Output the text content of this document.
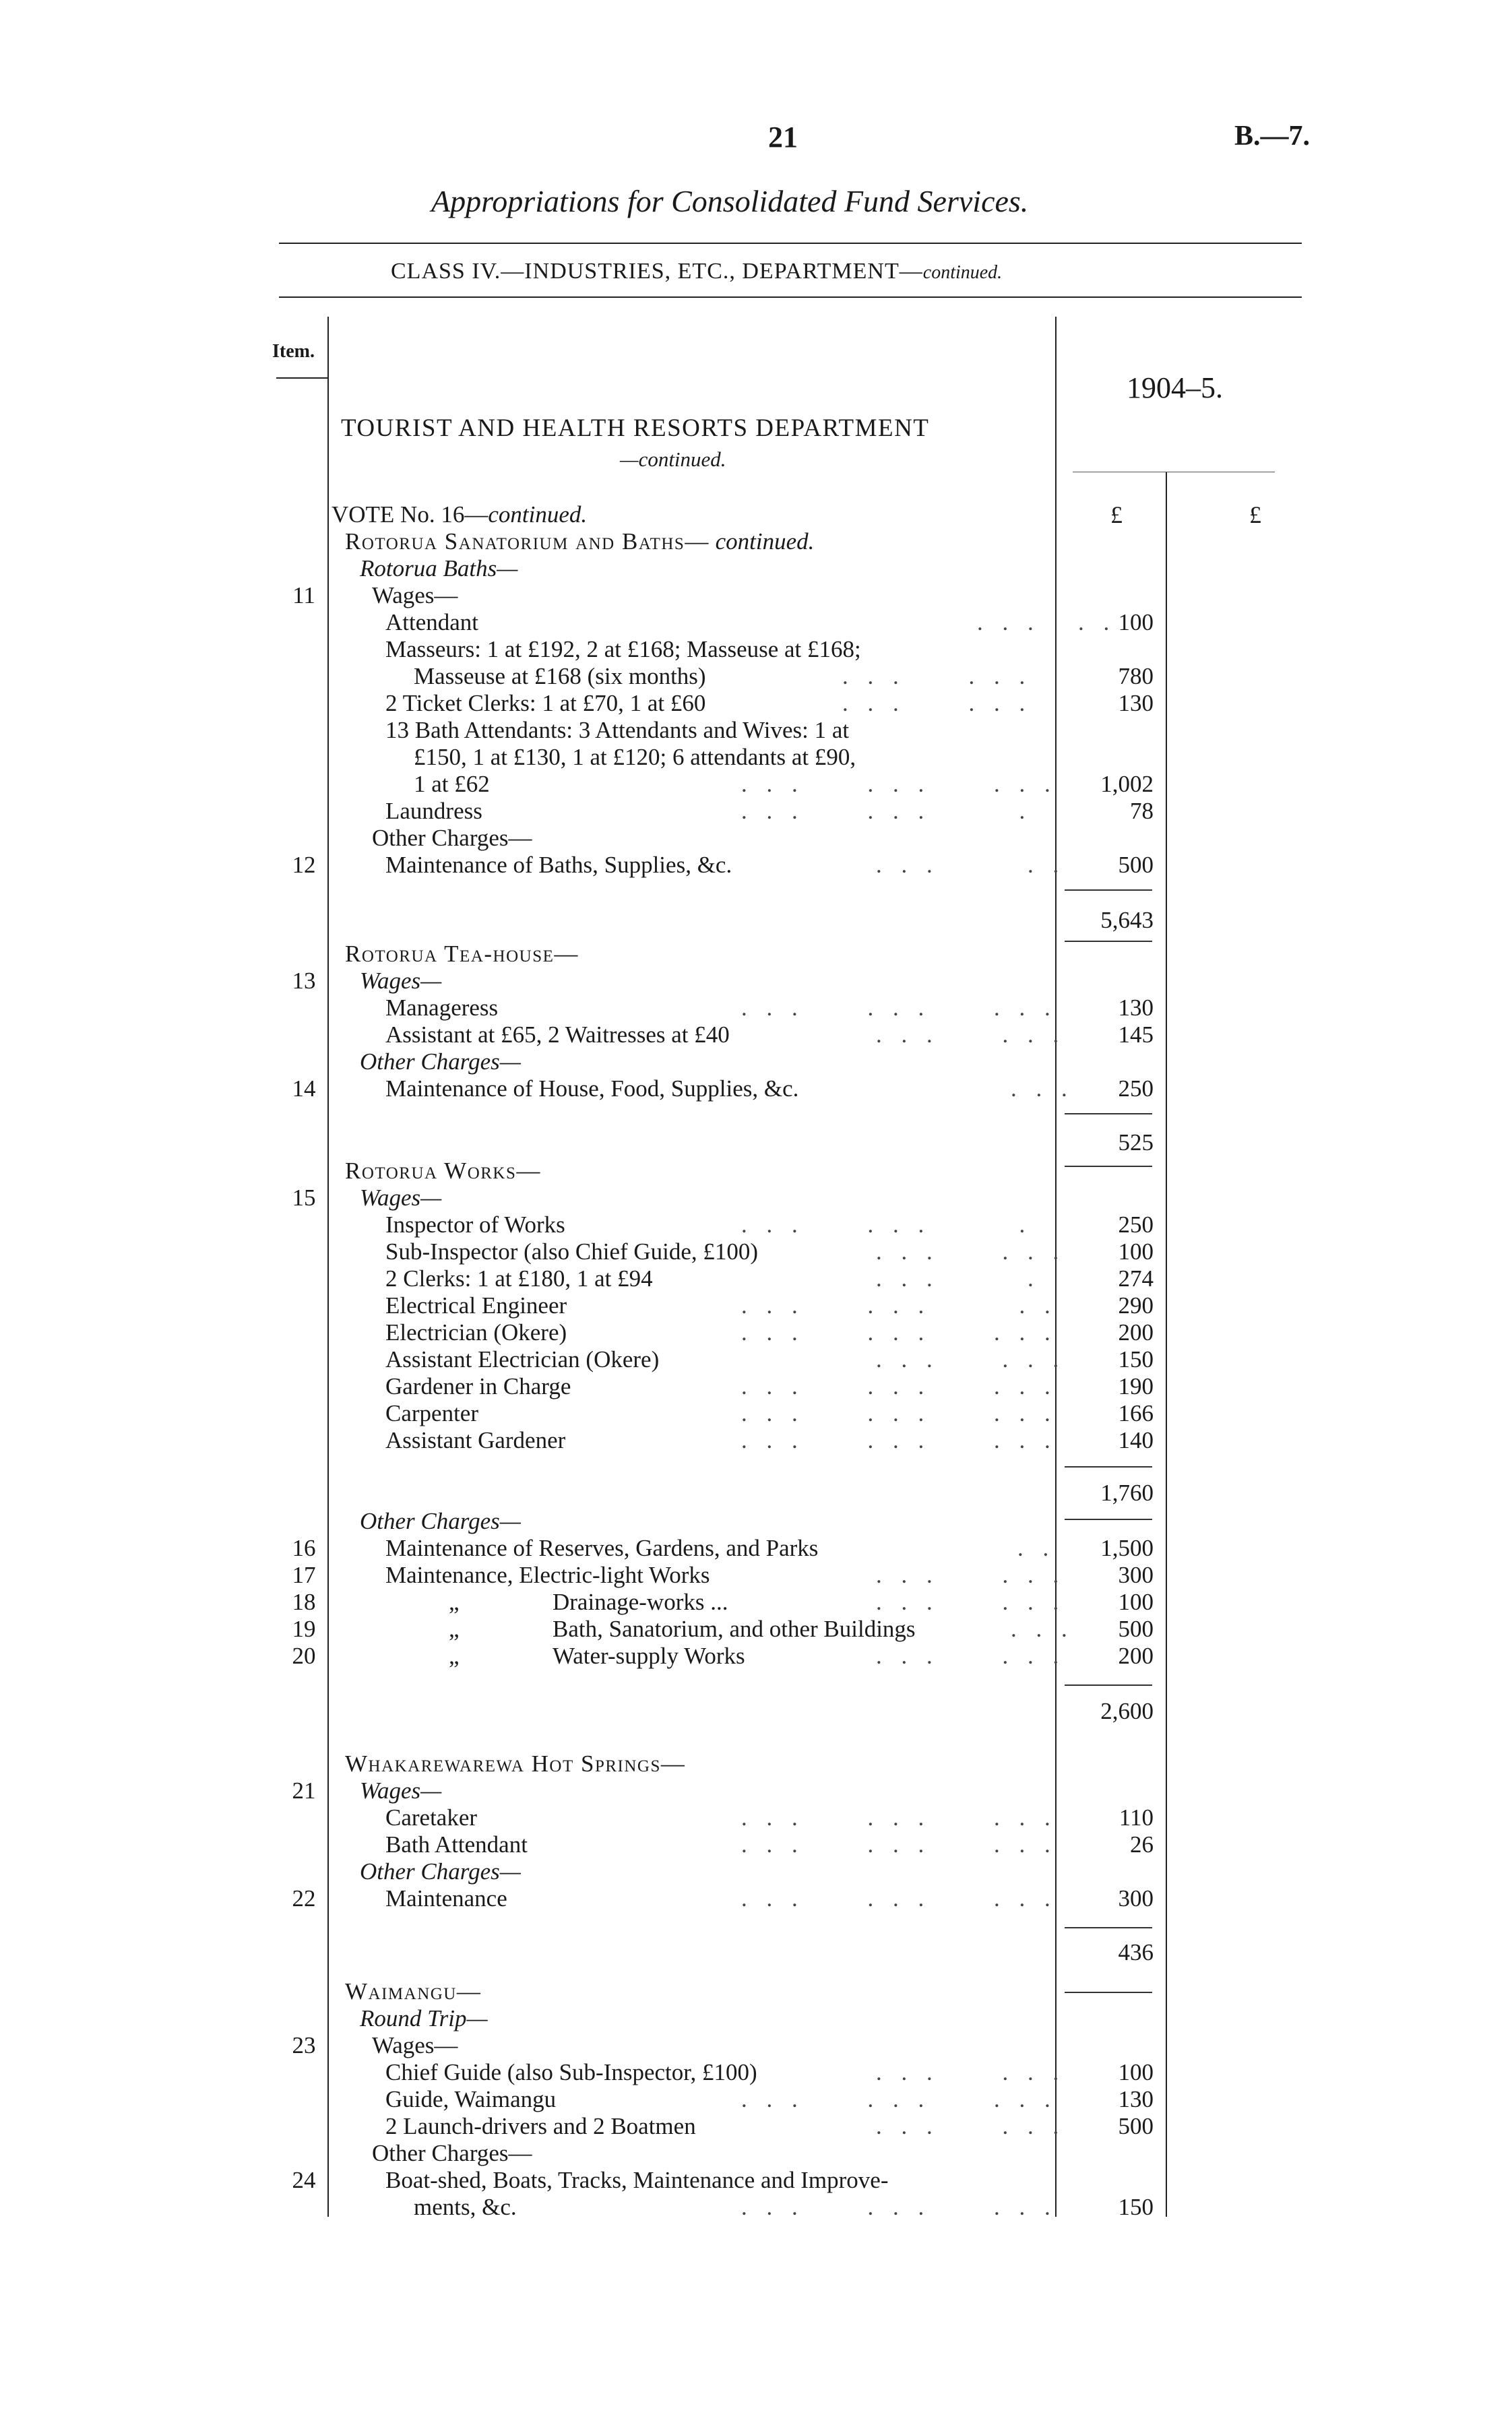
21	B.—7.
Appropriations for Consolidated Fund Services.
CLASS IV.—INDUSTRIES, ETC., DEPARTMENT—continued.
Item.
1904–5.
TOURIST AND HEALTH RESORTS DEPARTMENT
—continued.
VOTE No. 16—continued.	£	£
Rotorua Sanatorium and Baths— continued.
Rotorua Baths—
11 Wages—
Attendant	. . .   . . 100
Masseurs: 1 at £192, 2 at £168; Masseuse at £168;
Masseuse at £168 (six months)	. . .     . . .	780
2 Ticket Clerks: 1 at £70, 1 at £60	. . .     . . .	130
13 Bath Attendants: 3 Attendants and Wives: 1 at
£150, 1 at £130, 1 at £120; 6 attendants at £90,
1 at £62	. . .     . . .     . . .	1,002
Laundress	. . .     . . .       .	78
Other Charges—
12	Maintenance of Baths, Supplies, &c.	. . .       . .	500
5,643
Rotorua Tea-house—
13 Wages—
Manageress	. . .     . . .     . . .	130
Assistant at £65, 2 Waitresses at £40	. . .     . . .	145
Other Charges—
14	Maintenance of House, Food, Supplies, &c.	. . .	250
525
Rotorua Works—
15 Wages—
Inspector of Works	. . .     . . .       .	250
Sub-Inspector (also Chief Guide, £100)	. . .     . . .	100
2 Clerks: 1 at £180, 1 at £94	. . .       .	274
Electrical Engineer	. . .     . . .       . .	290
Electrician (Okere)	. . .     . . .     . . .	200
Assistant Electrician (Okere)	. . .     . . .	150
Gardener in Charge	. . .     . . .     . . .	190
Carpenter	. . .     . . .     . . .	166
Assistant Gardener	. . .     . . .     . . .	140
1,760
Other Charges—
16	Maintenance of Reserves, Gardens, and Parks	. .	1,500
17	Maintenance, Electric-light Works	. . .     . . .	300
18	„	Drainage-works ...	. . .     . . .	100
19	„	Bath, Sanatorium, and other Buildings	. . .	500
20	„	Water-supply Works	. . .     . . .	200
2,600
Whakarewarewa Hot Springs—
21 Wages—
Caretaker	. . .     . . .     . . .	110
Bath Attendant	. . .     . . .     . . .	26
Other Charges—
22	Maintenance	. . .     . . .     . . .	300
436
Waimangu—
Round Trip—
23 Wages—
Chief Guide (also Sub-Inspector, £100)	. . .     . . .	100
Guide, Waimangu	. . .     . . .     . . .	130
2 Launch-drivers and 2 Boatmen	. . .     . . .	500
Other Charges—
24	Boat-shed, Boats, Tracks, Maintenance and Improve-
ments, &c.	. . .     . . .     . . .	150
